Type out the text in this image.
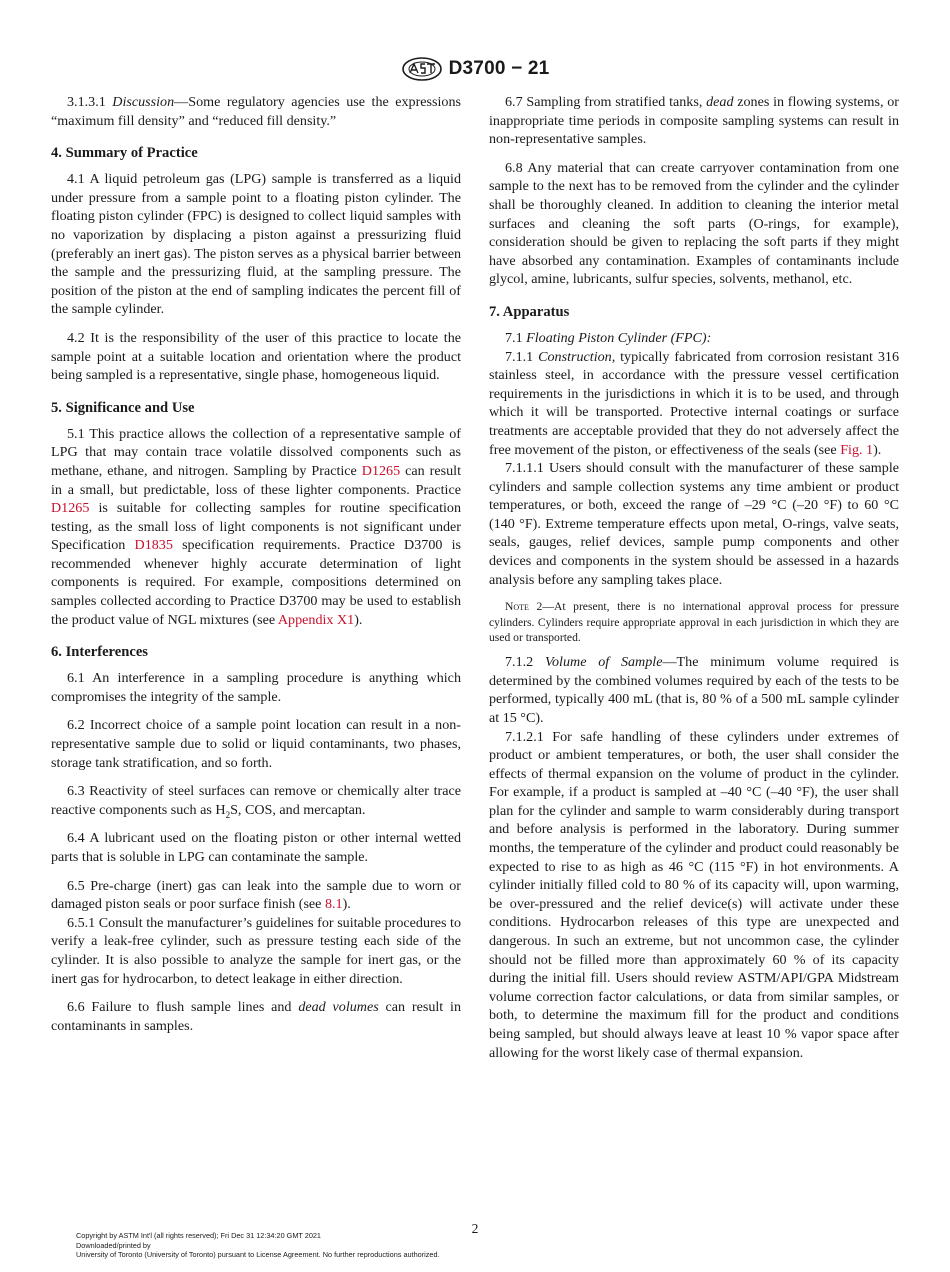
D3700 − 21

3.1.3.1 Discussion—Some regulatory agencies use the expressions “maximum fill density” and “reduced fill density.”

4. Summary of Practice

4.1 A liquid petroleum gas (LPG) sample is transferred as a liquid under pressure from a sample point to a floating piston cylinder. The floating piston cylinder (FPC) is designed to collect liquid samples with no vaporization by displacing a piston against a pressurizing fluid (preferably an inert gas). The piston serves as a physical barrier between the sample and the pressurizing fluid, at the sampling pressure. The position of the piston at the end of sampling indicates the percent fill of the sample cylinder.

4.2 It is the responsibility of the user of this practice to locate the sample point at a suitable location and orientation where the product being sampled is a representative, single phase, homogeneous liquid.

5. Significance and Use

5.1 This practice allows the collection of a representative sample of LPG that may contain trace volatile dissolved components such as methane, ethane, and nitrogen. Sampling by Practice D1265 can result in a small, but predictable, loss of these lighter components. Practice D1265 is suitable for collecting samples for routine specification testing, as the small loss of light components is not significant under Specification D1835 specification requirements. Practice D3700 is recommended whenever highly accurate determination of light components is required. For example, compositions determined on samples collected according to Practice D3700 may be used to establish the product value of NGL mixtures (see Appendix X1).

6. Interferences

6.1 An interference in a sampling procedure is anything which compromises the integrity of the sample.

6.2 Incorrect choice of a sample point location can result in a non-representative sample due to solid or liquid contaminants, two phases, storage tank stratification, and so forth.

6.3 Reactivity of steel surfaces can remove or chemically alter trace reactive components such as $H_2S$, COS, and mercaptan.

6.4 A lubricant used on the floating piston or other internal wetted parts that is soluble in LPG can contaminate the sample.

6.5 Pre-charge (inert) gas can leak into the sample due to worn or damaged piston seals or poor surface finish (see 8.1).

6.5.1 Consult the manufacturer’s guidelines for suitable procedures to verify a leak-free cylinder, such as pressure testing each side of the cylinder. It is also possible to analyze the sample for inert gas, or the inert gas for hydrocarbon, to detect leakage in either direction.

6.6 Failure to flush sample lines and dead volumes can result in contaminants in samples.

6.7 Sampling from stratified tanks, dead zones in flowing systems, or inappropriate time periods in composite sampling systems can result in non-representative samples.

6.8 Any material that can create carryover contamination from one sample to the next has to be removed from the cylinder and the cylinder shall be thoroughly cleaned. In addition to cleaning the interior metal surfaces and cleaning the soft parts (O-rings, for example), consideration should be given to replacing the soft parts if they might have absorbed any contamination. Examples of contaminants include glycol, amine, lubricants, sulfur species, solvents, methanol, etc.

7. Apparatus

7.1 Floating Piston Cylinder (FPC):

7.1.1 Construction, typically fabricated from corrosion resistant 316 stainless steel, in accordance with the pressure vessel certification requirements in the jurisdictions in which it is to be used, and through which it will be transported. Protective internal coatings or surface treatments are acceptable provided that they do not adversely affect the free movement of the piston, or effectiveness of the seals (see Fig. 1).

7.1.1.1 Users should consult with the manufacturer of these sample cylinders and sample collection systems any time ambient or product temperatures, or both, exceed the range of –29 °C (–20 °F) to 60 °C (140 °F). Extreme temperature effects upon metal, O-rings, valve seats, seals, gauges, relief devices, sample pump components and other devices and components in the system should be assessed in a hazards analysis before any sampling takes place.

Note 2—At present, there is no international approval process for pressure cylinders. Cylinders require appropriate approval in each jurisdiction in which they are used or transported.

7.1.2 Volume of Sample—The minimum volume required is determined by the combined volumes required by each of the tests to be performed, typically 400 mL (that is, 80 % of a 500 mL sample cylinder at 15 °C).

7.1.2.1 For safe handling of these cylinders under extremes of product or ambient temperatures, or both, the user shall consider the effects of thermal expansion on the volume of product in the cylinder. For example, if a product is sampled at –40 °C (–40 °F), the user shall plan for the cylinder and sample to warm considerably during transport and before analysis is performed in the laboratory. During summer months, the temperature of the cylinder and product could reasonably be expected to rise to as high as 46 °C (115 °F) in hot environments. A cylinder initially filled cold to 80 % of its capacity will, upon warming, be over-pressured and the relief device(s) will activate under these conditions. Hydrocarbon releases of this type are unexpected and dangerous. In such an extreme, but not uncommon case, the cylinder should not be filled more than approximately 60 % of its capacity during the initial fill. Users should review ASTM/API/GPA Midstream volume correction factor calculations, or data from similar samples, or both, to determine the maximum fill for the product and conditions being sampled, but should always leave at least 10 % vapor space after allowing for the worst likely case of thermal expansion.

2
Copyright by ASTM Int'l (all rights reserved); Fri Dec 31 12:34:20 GMT 2021
Downloaded/printed by
University of Toronto (University of Toronto) pursuant to License Agreement. No further reproductions authorized.
